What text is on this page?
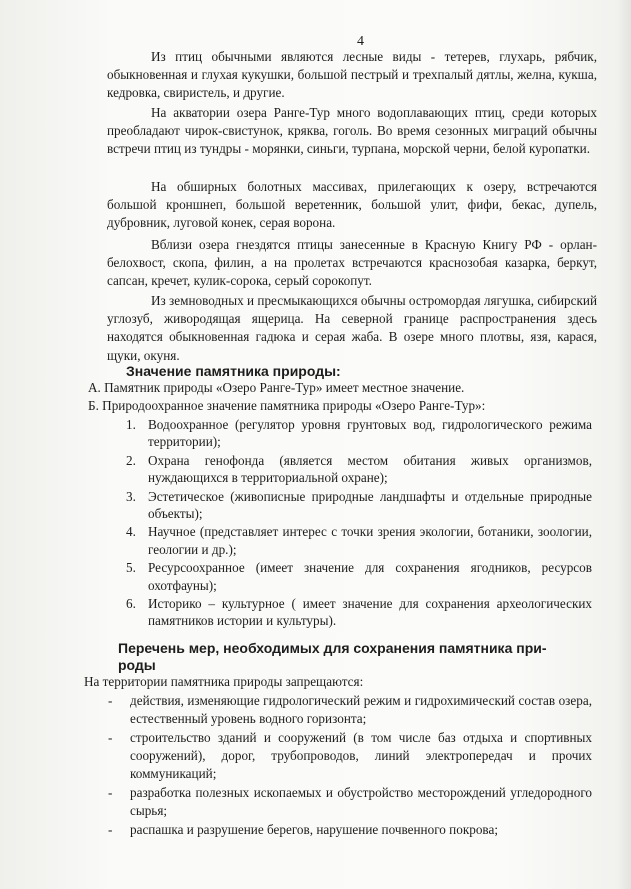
4
Из птиц обычными являются лесные виды - тетерев, глухарь, рябчик, обыкновенная и глухая кукушки, большой пестрый и трехпалый дятлы, желна, кукша, кедровка, свиристель, и другие.
На акватории озера Ранге-Тур много водоплавающих птиц, среди которых преобладают чирок-свистунок, кряква, гоголь. Во время сезонных миграций обычны встречи птиц из тундры - морянки, синьги, турпана, морской черни, белой куропатки.
На обширных болотных массивах, прилегающих к озеру, встречаются большой кроншнеп, большой веретенник, большой улит, фифи, бекас, дупель, дубровник, луговой конек, серая ворона.
Вблизи озера гнездятся птицы занесенные в Красную Книгу РФ - орлан-белохвост, скопа, филин, а на пролетах встречаются краснозобая казарка, беркут, сапсан, кречет, кулик-сорока, серый сорокопут.
Из земноводных и пресмыкающихся обычны остромордая лягушка, сибирский углозуб, живородящая ящерица. На северной границе распространения здесь находятся обыкновенная гадюка и серая жаба. В озере много плотвы, язя, карася, щуки, окуня.
Значение памятника природы:
А. Памятник природы «Озеро Ранге-Тур» имеет местное значение.
Б. Природоохранное значение памятника природы «Озеро Ранге-Тур»:
1. Водоохранное (регулятор уровня грунтовых вод, гидрологического режима территории);
2. Охрана генофонда (является местом обитания живых организмов, нуждающихся в территориальной охране);
3. Эстетическое (живописные природные ландшафты и отдельные природные объекты);
4. Научное (представляет интерес с точки зрения экологии, ботаники, зоологии, геологии и др.);
5. Ресурсоохранное (имеет значение для сохранения ягодников, ресурсов охотфауны);
6. Историко – культурное ( имеет значение для сохранения археологических памятников истории и культуры).
Перечень мер, необходимых для сохранения памятника при-
роды
На территории памятника природы запрещаются:
- действия, изменяющие гидрологический режим и гидрохимический состав озера, естественный уровень водного горизонта;
- строительство зданий и сооружений (в том числе баз отдыха и спортивных сооружений), дорог, трубопроводов, линий электропередач и прочих коммуникаций;
- разработка полезных ископаемых и обустройство месторождений угледородного сырья;
- распашка и разрушение берегов, нарушение почвенного покрова;
